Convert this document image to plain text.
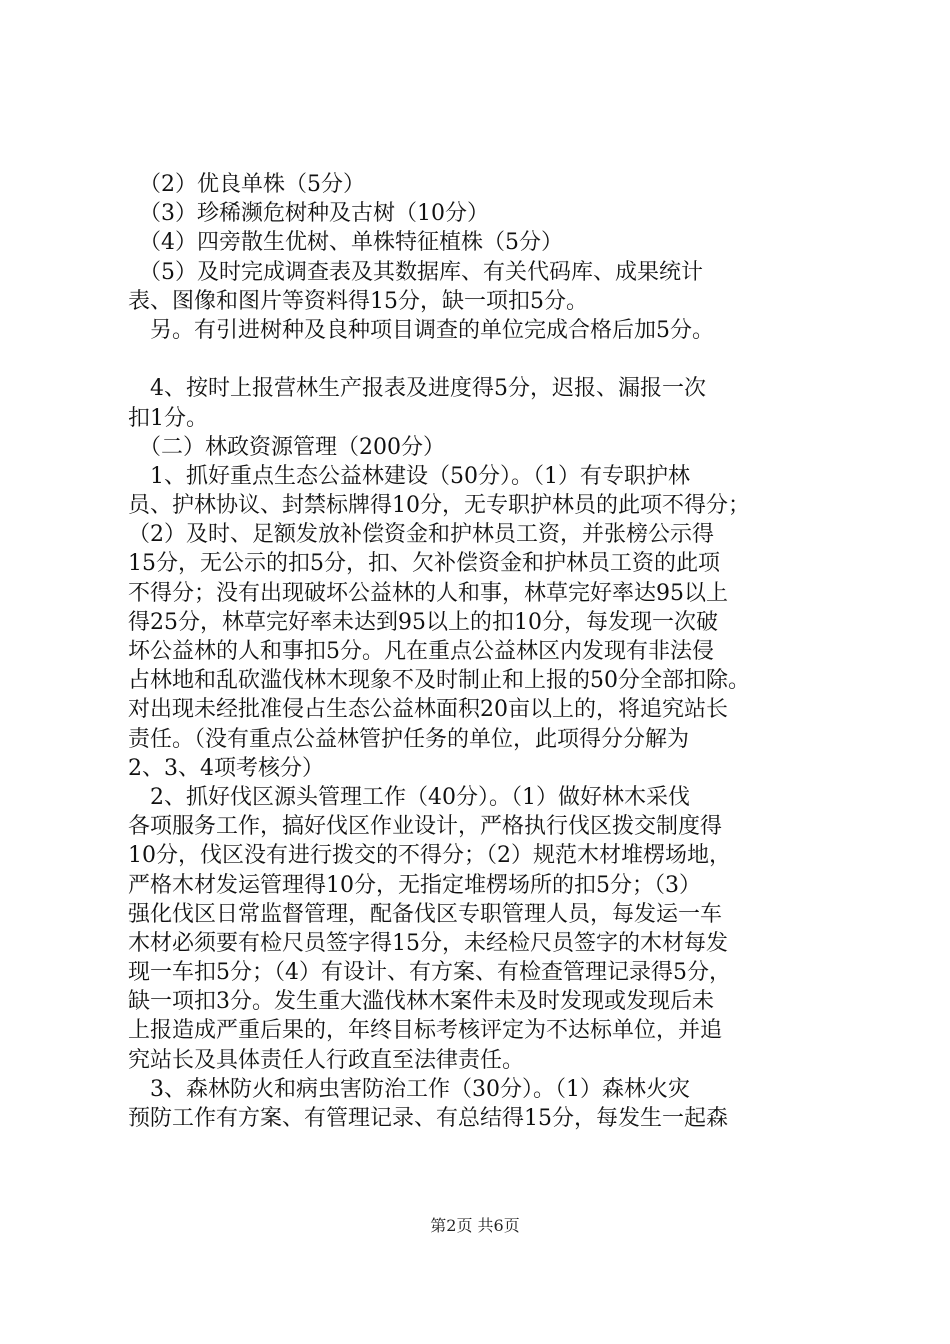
　（2）优良单株（5分）
　（3）珍稀濒危树种及古树（10分）
　（4）四旁散生优树、单株特征植株（5分）
　（5）及时完成调查表及其数据库、有关代码库、成果统计
表、图像和图片等资料得15分，缺一项扣5分。
　另。有引进树种及良种项目调查的单位完成合格后加5分。
　4、按时上报营林生产报表及进度得5分，迟报、漏报一次
扣1分。
　（二）林政资源管理（200分）
　1、抓好重点生态公益林建设（50分）。（1）有专职护林
员、护林协议、封禁标牌得10分，无专职护林员的此项不得分；
（2）及时、足额发放补偿资金和护林员工资，并张榜公示得
15分，无公示的扣5分，扣、欠补偿资金和护林员工资的此项
不得分；没有出现破坏公益林的人和事，林草完好率达95以上
得25分，林草完好率未达到95以上的扣10分，每发现一次破
坏公益林的人和事扣5分。凡在重点公益林区内发现有非法侵
占林地和乱砍滥伐林木现象不及时制止和上报的50分全部扣除。
对出现未经批准侵占生态公益林面积20亩以上的，将追究站长
责任。（没有重点公益林管护任务的单位，此项得分分解为
2、3、4项考核分）
　2、抓好伐区源头管理工作（40分）。（1）做好林木采伐
各项服务工作，搞好伐区作业设计，严格执行伐区拨交制度得
10分，伐区没有进行拨交的不得分；（2）规范木材堆楞场地，
严格木材发运管理得10分，无指定堆楞场所的扣5分；（3）
强化伐区日常监督管理，配备伐区专职管理人员，每发运一车
木材必须要有检尺员签字得15分，未经检尺员签字的木材每发
现一车扣5分；（4）有设计、有方案、有检查管理记录得5分，
缺一项扣3分。发生重大滥伐林木案件未及时发现或发现后未
上报造成严重后果的，年终目标考核评定为不达标单位，并追
究站长及具体责任人行政直至法律责任。
　3、森林防火和病虫害防治工作（30分）。（1）森林火灾
预防工作有方案、有管理记录、有总结得15分，每发生一起森
第2页 共6页
